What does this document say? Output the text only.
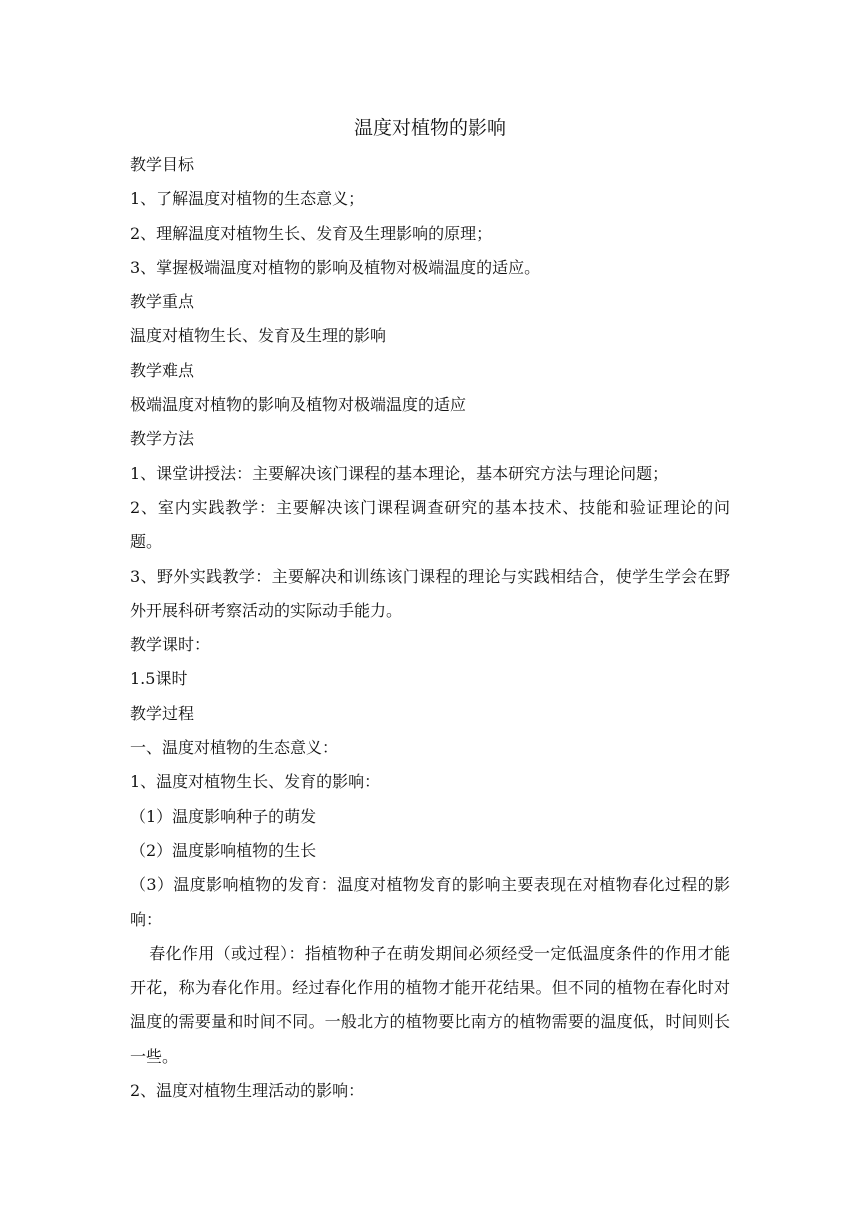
温度对植物的影响

教学目标

1、了解温度对植物的生态意义；

2、理解温度对植物生长、发育及生理影响的原理；

3、掌握极端温度对植物的影响及植物对极端温度的适应。

教学重点

温度对植物生长、发育及生理的影响

教学难点

极端温度对植物的影响及植物对极端温度的适应

教学方法

1、课堂讲授法：主要解决该门课程的基本理论，基本研究方法与理论问题；

2、室内实践教学：主要解决该门课程调查研究的基本技术、技能和验证理论的问题。

3、野外实践教学：主要解决和训练该门课程的理论与实践相结合，使学生学会在野外开展科研考察活动的实际动手能力。

教学课时：

1.5课时

教学过程

一、温度对植物的生态意义：

1、温度对植物生长、发育的影响：

（1）温度影响种子的萌发

（2）温度影响植物的生长

（3）温度影响植物的发育：温度对植物发育的影响主要表现在对植物春化过程的影响：

春化作用（或过程）：指植物种子在萌发期间必须经受一定低温度条件的作用才能开花，称为春化作用。经过春化作用的植物才能开花结果。但不同的植物在春化时对温度的需要量和时间不同。一般北方的植物要比南方的植物需要的温度低，时间则长一些。

2、温度对植物生理活动的影响：
